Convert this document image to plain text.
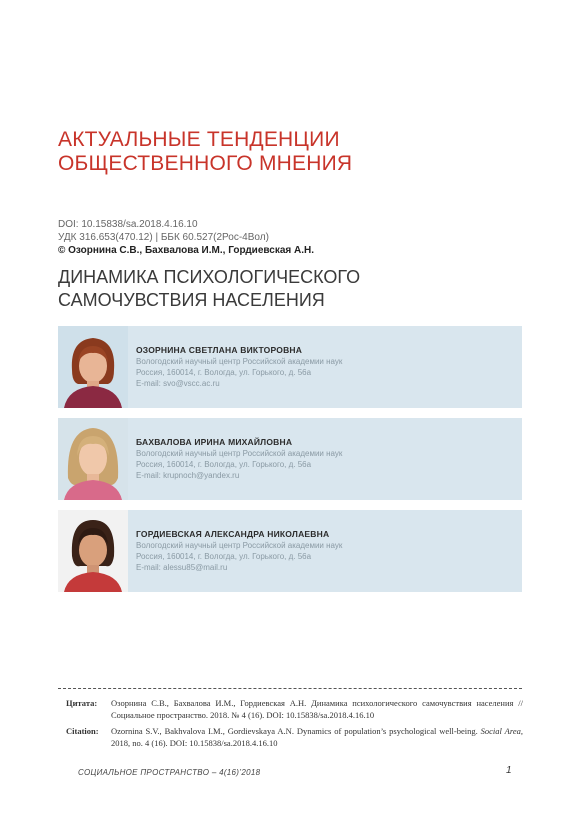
АКТУАЛЬНЫЕ ТЕНДЕНЦИИ
ОБЩЕСТВЕННОГО МНЕНИЯ
DOI: 10.15838/sa.2018.4.16.10
УДК 316.653(470.12) | ББК 60.527(2Рос-4Вол)
© Озорнина С.В., Бахвалова И.М., Гордиевская А.Н.
ДИНАМИКА ПСИХОЛОГИЧЕСКОГО
САМОЧУВСТВИЯ НАСЕЛЕНИЯ
ОЗОРНИНА СВЕТЛАНА ВИКТОРОВНА
Вологодский научный центр Российской академии наук
Россия, 160014, г. Вологда, ул. Горького, д. 56а
E-mail: svo@vscc.ac.ru
БАХВАЛОВА ИРИНА МИХАЙЛОВНА
Вологодский научный центр Российской академии наук
Россия, 160014, г. Вологда, ул. Горького, д. 56а
E-mail: krupnoch@yandex.ru
ГОРДИЕВСКАЯ АЛЕКСАНДРА НИКОЛАЕВНА
Вологодский научный центр Российской академии наук
Россия, 160014, г. Вологда, ул. Горького, д. 56а
E-mail: alessu85@mail.ru
Цитата: Озорнина С.В., Бахвалова И.М., Гордиевская А.Н. Динамика психологического самочувствия населения // Социальное пространство. 2018. № 4 (16). DOI: 10.15838/sa.2018.4.16.10
Citation: Ozornina S.V., Bakhvalova I.M., Gordievskaya A.N. Dynamics of population’s psychological well-being. Social Area, 2018, no. 4 (16). DOI: 10.15838/sa.2018.4.16.10
СОЦИАЛЬНОЕ ПРОСТРАНСТВО – 4(16)’2018	1
